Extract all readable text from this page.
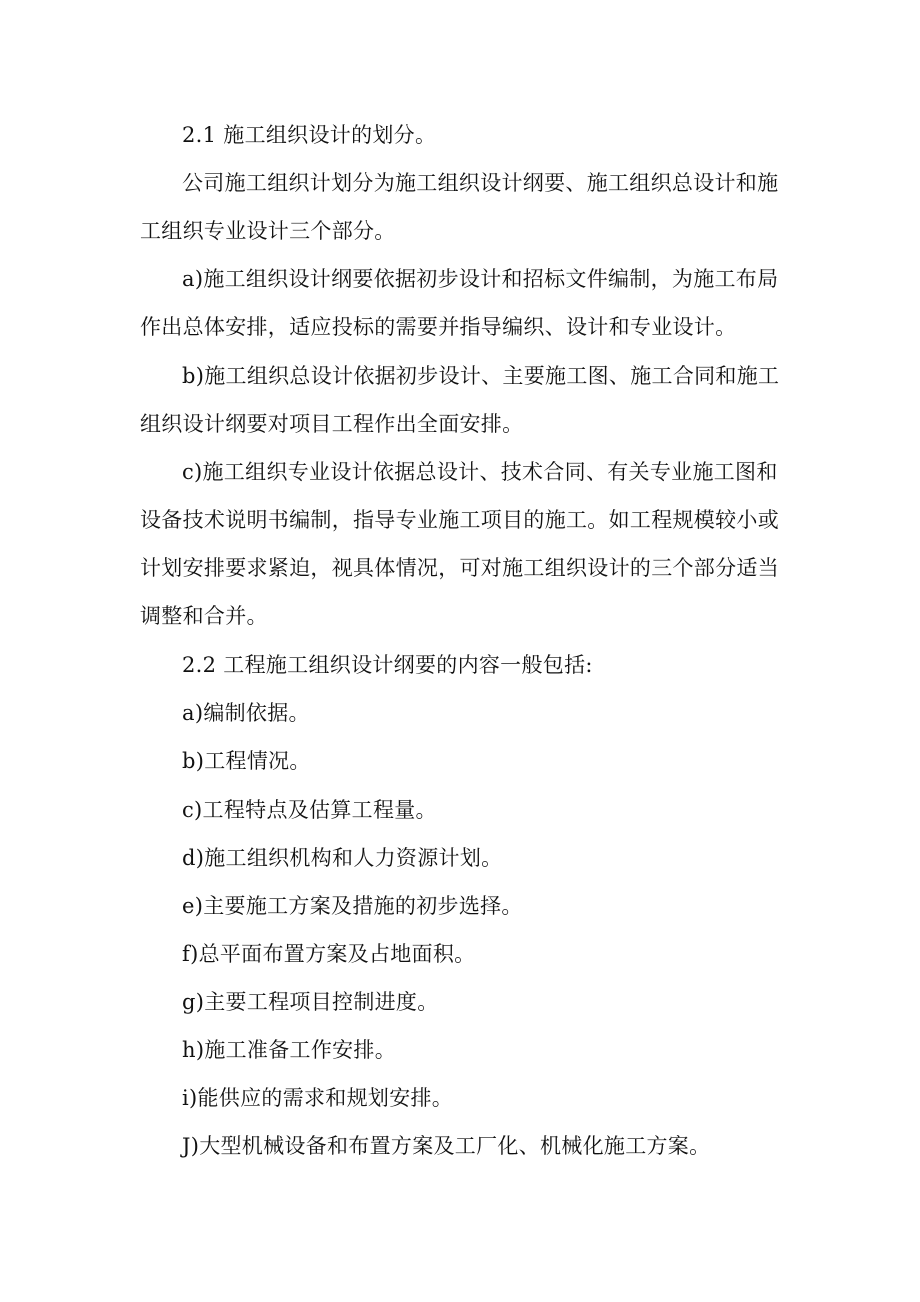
2.1 施工组织设计的划分。

公司施工组织计划分为施工组织设计纲要、施工组织总设计和施工组织专业设计三个部分。

a)施工组织设计纲要依据初步设计和招标文件编制，为施工布局作出总体安排，适应投标的需要并指导编织、设计和专业设计。

b)施工组织总设计依据初步设计、主要施工图、施工合同和施工组织设计纲要对项目工程作出全面安排。

c)施工组织专业设计依据总设计、技术合同、有关专业施工图和设备技术说明书编制，指导专业施工项目的施工。如工程规模较小或计划安排要求紧迫，视具体情况，可对施工组织设计的三个部分适当调整和合并。

2.2 工程施工组织设计纲要的内容一般包括:

a)编制依据。

b)工程情况。

c)工程特点及估算工程量。

d)施工组织机构和人力资源计划。

e)主要施工方案及措施的初步选择。

f)总平面布置方案及占地面积。

g)主要工程项目控制进度。

h)施工准备工作安排。

i)能供应的需求和规划安排。

J)大型机械设备和布置方案及工厂化、机械化施工方案。
